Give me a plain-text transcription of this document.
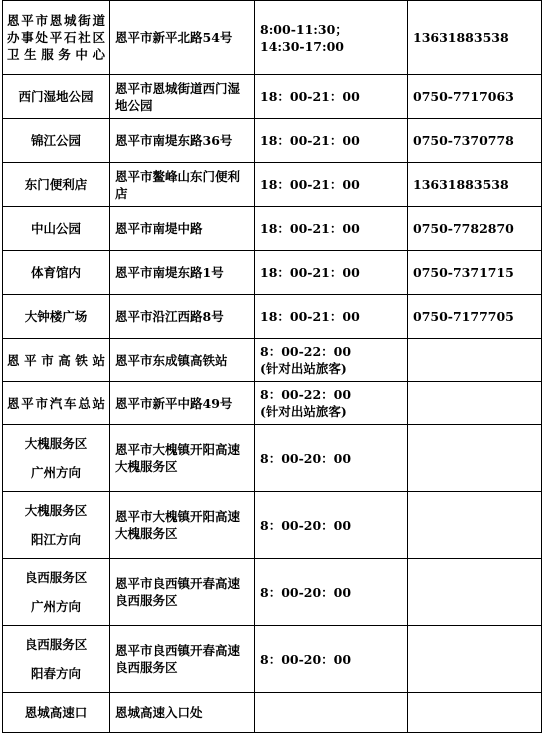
恩平市恩城街道办事处平石社区卫生服务中心	恩平市新平北路54号	8:00-11:30；
14:30-17:00	13631883538
西门湿地公园	恩平市恩城街道西门湿地公园	18：00-21：00	0750-7717063
锦江公园	恩平市南堤东路36号	18：00-21：00	0750-7370778
东门便利店	恩平市鳌峰山东门便利店	18：00-21：00	13631883538
中山公园	恩平市南堤中路	18：00-21：00	0750-7782870
体育馆内	恩平市南堤东路1号	18：00-21：00	0750-7371715
大钟楼广场	恩平市沿江西路8号	18：00-21：00	0750-7177705
恩平市高铁站	恩平市东成镇高铁站	8：00-22：00
(针对出站旅客)	

恩平市汽车总站	恩平市新平中路49号	8：00-22：00
(针对出站旅客)	

大槐服务区
广州方向	恩平市大槐镇开阳高速大槐服务区	8：00-20：00	

大槐服务区
阳江方向	恩平市大槐镇开阳高速大槐服务区	8：00-20：00	

良西服务区
广州方向	恩平市良西镇开春高速良西服务区	8：00-20：00	

良西服务区
阳春方向	恩平市良西镇开春高速良西服务区	8：00-20：00	
恩城高速口	恩城高速入口处		
